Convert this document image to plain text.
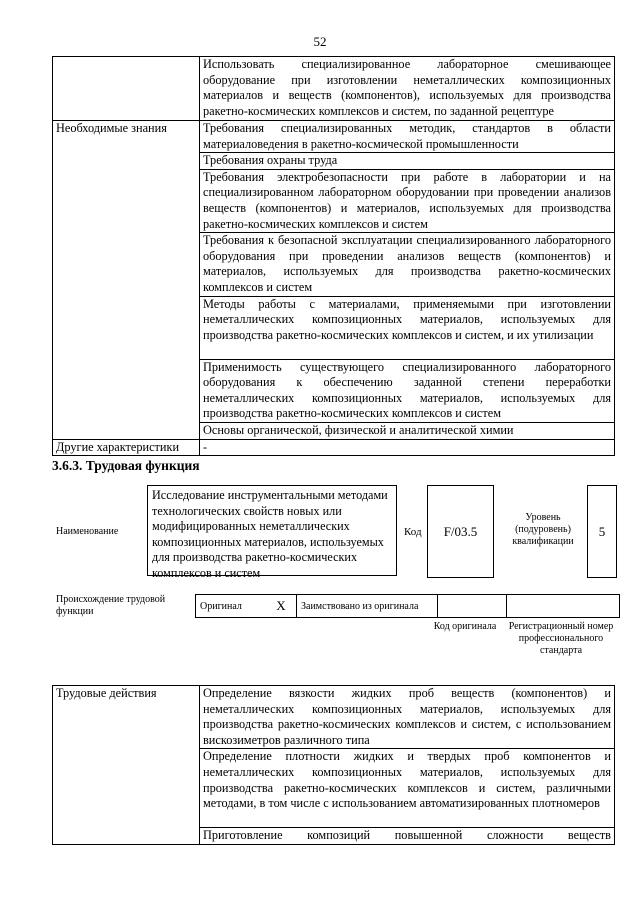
52
	Использовать специализированное лабораторное смешивающее оборудование при изготовлении неметаллических композиционных материалов и веществ (компонентов), используемых для производства ракетно-космических комплексов и систем, по заданной рецептуре
Необходимые знания	Требования специализированных методик, стандартов в области материаловедения в ракетно-космической промышленности
	Требования охраны труда
	Требования электробезопасности при работе в лаборатории и на специализированном лабораторном оборудовании при проведении анализов веществ (компонентов) и материалов, используемых для производства ракетно-космических комплексов и систем
	Требования к безопасной эксплуатации специализированного лабораторного оборудования при проведении анализов веществ (компонентов) и материалов, используемых для производства ракетно-космических комплексов и систем
	Методы работы с материалами, применяемыми при изготовлении неметаллических композиционных материалов, используемых для производства ракетно-космических комплексов и систем, и их утилизации
	Применимость существующего специализированного лабораторного оборудования к обеспечению заданной степени переработки неметаллических композиционных материалов, используемых для производства ракетно-космических комплексов и систем
	Основы органической, физической и аналитической химии
Другие характеристики	-
3.6.3. Трудовая функция
Наименование
Исследование инструментальными методами технологических свойств новых или модифицированных неметаллических композиционных материалов, используемых для производства ракетно-космических комплексов и систем
Код	F/03.5
Уровень (подуровень) квалификации
5
Происхождение трудовой функции	Оригинал	X	Заимствовано из оригинала		
Код оригинала	Регистрационный номер профессионального стандарта
Трудовые действия	Определение вязкости жидких проб веществ (компонентов) и неметаллических композиционных материалов, используемых для производства ракетно-космических комплексов и систем, с использованием вискозиметров различного типа
Определение плотности жидких и твердых проб компонентов и неметаллических композиционных материалов, используемых для производства ракетно-космических комплексов и систем, различными методами, в том числе с использованием автоматизированных плотномеров
Приготовление композиций повышенной сложности веществ
